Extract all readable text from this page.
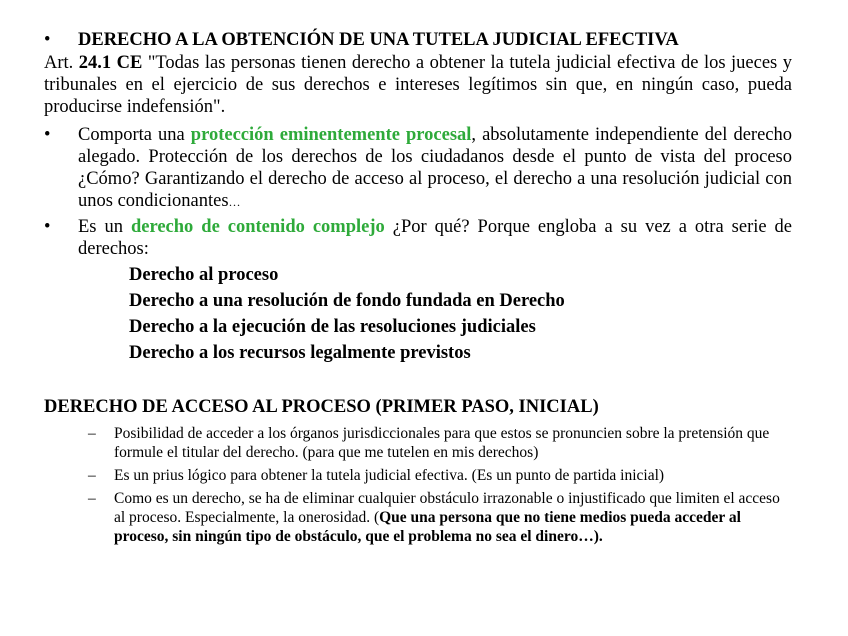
•	DERECHO A LA OBTENCIÓN DE UNA TUTELA JUDICIAL EFECTIVA
Art. 24.1 CE "Todas las personas tienen derecho a obtener la tutela judicial efectiva de los jueces y tribunales en el ejercicio de sus derechos e intereses legítimos sin que, en ningún caso, pueda producirse indefensión".
•	Comporta una protección eminentemente procesal, absolutamente independiente del derecho alegado. Protección de los derechos de los ciudadanos desde el punto de vista del proceso ¿Cómo? Garantizando el derecho de acceso al proceso, el derecho a una resolución judicial con unos condicionantes…
•	Es un derecho de contenido complejo ¿Por qué? Porque engloba a su vez a otra serie de derechos:
Derecho al proceso
Derecho a una resolución de fondo fundada en Derecho
Derecho a la ejecución de las resoluciones judiciales
Derecho a los recursos legalmente previstos
DERECHO DE ACCESO AL PROCESO (PRIMER PASO, INICIAL)
– Posibilidad de acceder a los órganos jurisdiccionales para que estos se pronuncien sobre la pretensión que formule el titular del derecho. (para que me tutelen en mis derechos)
– Es un prius lógico para obtener la tutela judicial efectiva. (Es un punto de partida inicial)
– Como es un derecho, se ha de eliminar cualquier obstáculo irrazonable o injustificado que limiten el acceso al proceso. Especialmente, la onerosidad. (Que una persona que no tiene medios pueda acceder al proceso, sin ningún tipo de obstáculo, que el problema no sea el dinero…).
